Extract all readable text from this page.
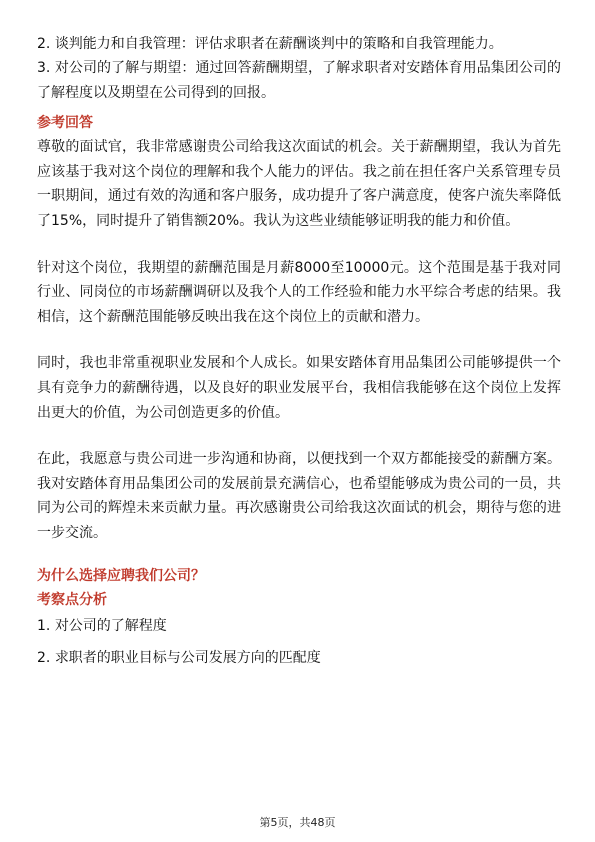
2. 谈判能力和自我管理：评估求职者在薪酬谈判中的策略和自我管理能力。

3. 对公司的了解与期望：通过回答薪酬期望，了解求职者对安踏体育用品集团公司的了解程度以及期望在公司得到的回报。

参考回答

尊敬的面试官，我非常感谢贵公司给我这次面试的机会。关于薪酬期望，我认为首先应该基于我对这个岗位的理解和我个人能力的评估。我之前在担任客户关系管理专员一职期间，通过有效的沟通和客户服务，成功提升了客户满意度，使客户流失率降低了15%，同时提升了销售额20%。我认为这些业绩能够证明我的能力和价值。

针对这个岗位，我期望的薪酬范围是月薪8000至10000元。这个范围是基于我对同行业、同岗位的市场薪酬调研以及我个人的工作经验和能力水平综合考虑的结果。我相信，这个薪酬范围能够反映出我在这个岗位上的贡献和潜力。

同时，我也非常重视职业发展和个人成长。如果安踏体育用品集团公司能够提供一个具有竞争力的薪酬待遇，以及良好的职业发展平台，我相信我能够在这个岗位上发挥出更大的价值，为公司创造更多的价值。

在此，我愿意与贵公司进一步沟通和协商，以便找到一个双方都能接受的薪酬方案。我对安踏体育用品集团公司的发展前景充满信心，也希望能够成为贵公司的一员，共同为公司的辉煌未来贡献力量。再次感谢贵公司给我这次面试的机会，期待与您的进一步交流。

为什么选择应聘我们公司？

考察点分析

1. 对公司的了解程度

2. 求职者的职业目标与公司发展方向的匹配度

第5页，共48页
